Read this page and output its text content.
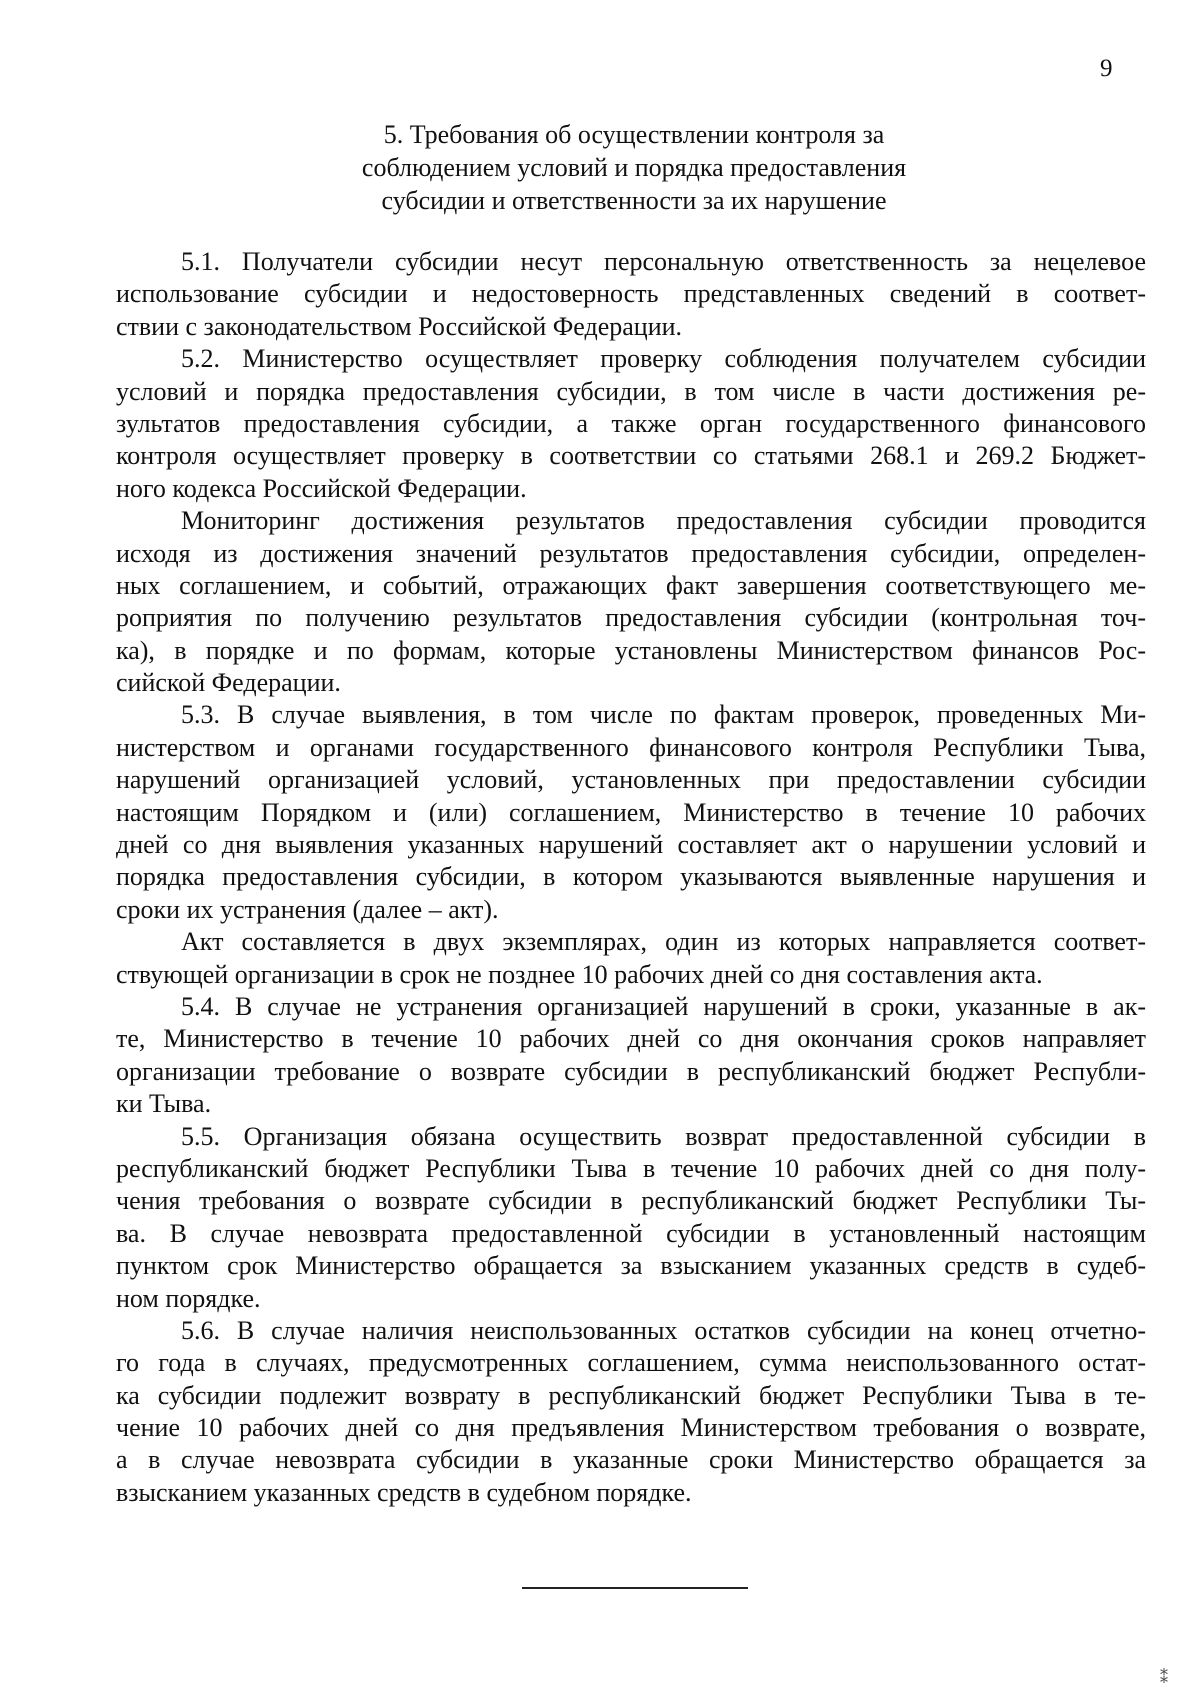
9
5. Требования об осуществлении контроля за
соблюдением условий и порядка предоставления
субсидии и ответственности за их нарушение
5.1. Получатели субсидии несут персональную ответственность за нецелевое
использование субсидии и недостоверность представленных сведений в соответ-
ствии с законодательством Российской Федерации.
5.2. Министерство осуществляет проверку соблюдения получателем субсидии
условий и порядка предоставления субсидии, в том числе в части достижения ре-
зультатов предоставления субсидии, а также орган государственного финансового
контроля осуществляет проверку в соответствии со статьями 268.1 и 269.2 Бюджет-
ного кодекса Российской Федерации.
Мониторинг достижения результатов предоставления субсидии проводится
исходя из достижения значений результатов предоставления субсидии, определен-
ных соглашением, и событий, отражающих факт завершения соответствующего ме-
роприятия по получению результатов предоставления субсидии (контрольная точ-
ка), в порядке и по формам, которые установлены Министерством финансов Рос-
сийской Федерации.
5.3. В случае выявления, в том числе по фактам проверок, проведенных Ми-
нистерством и органами государственного финансового контроля Республики Тыва,
нарушений организацией условий, установленных при предоставлении субсидии
настоящим Порядком и (или) соглашением, Министерство в течение 10 рабочих
дней со дня выявления указанных нарушений составляет акт о нарушении условий и
порядка предоставления субсидии, в котором указываются выявленные нарушения и
сроки их устранения (далее – акт).
Акт составляется в двух экземплярах, один из которых направляется соответ-
ствующей организации в срок не позднее 10 рабочих дней со дня составления акта.
5.4. В случае не устранения организацией нарушений в сроки, указанные в ак-
те, Министерство в течение 10 рабочих дней со дня окончания сроков направляет
организации требование о возврате субсидии в республиканский бюджет Республи-
ки Тыва.
5.5. Организация обязана осуществить возврат предоставленной субсидии в
республиканский бюджет Республики Тыва в течение 10 рабочих дней со дня полу-
чения требования о возврате субсидии в республиканский бюджет Республики Ты-
ва. В случае невозврата предоставленной субсидии в установленный настоящим
пунктом срок Министерство обращается за взысканием указанных средств в судеб-
ном порядке.
5.6. В случае наличия неиспользованных остатков субсидии на конец отчетно-
го года в случаях, предусмотренных соглашением, сумма неиспользованного остат-
ка субсидии подлежит возврату в республиканский бюджет Республики Тыва в те-
чение 10 рабочих дней со дня предъявления Министерством требования о возврате,
а в случае невозврата субсидии в указанные сроки Министерство обращается за
взысканием указанных средств в судебном порядке.
⁑
